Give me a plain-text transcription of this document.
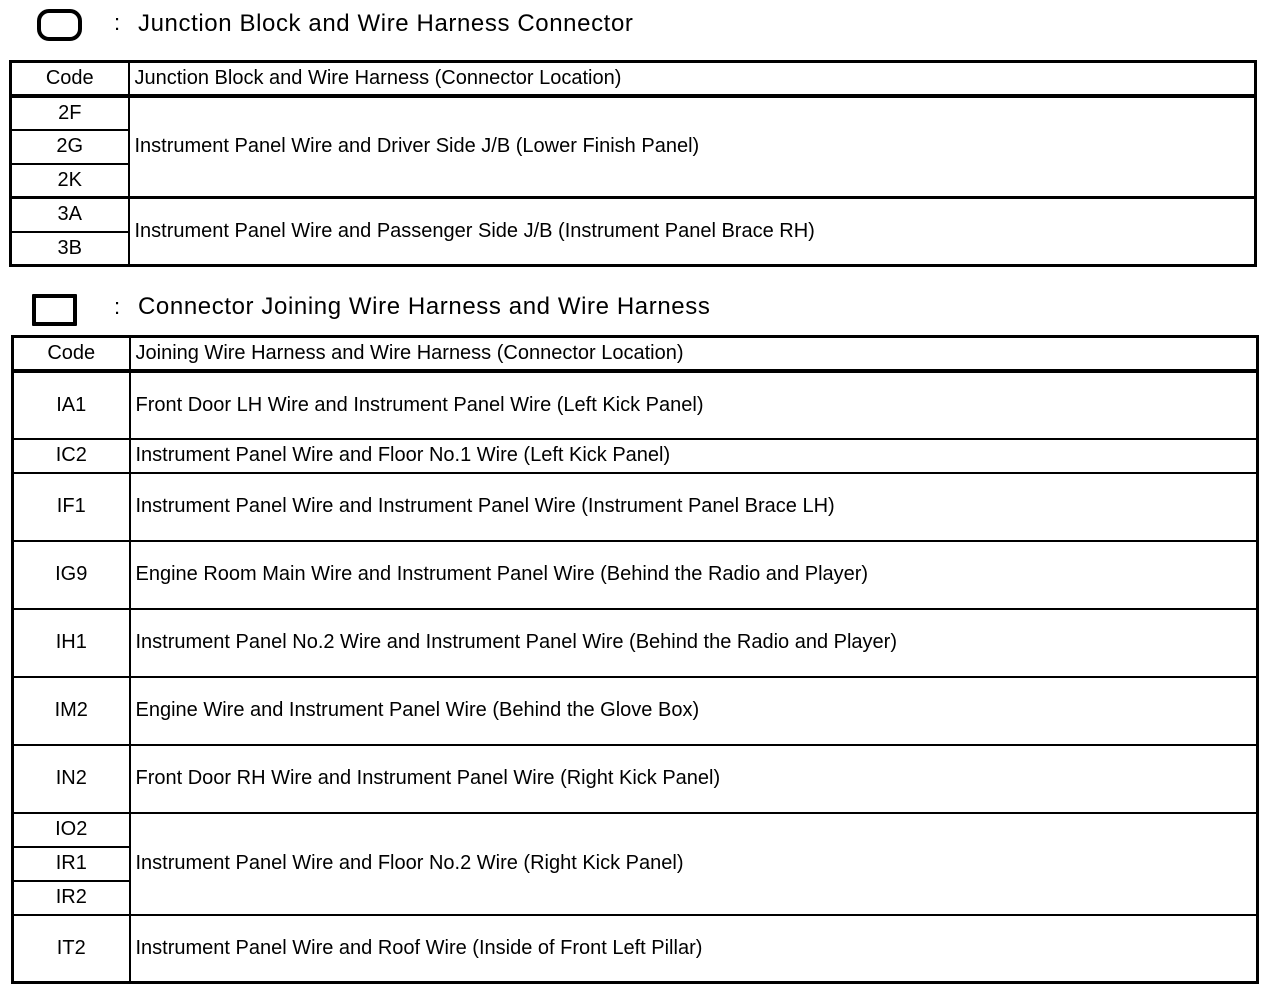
: Junction Block and Wire Harness Connector
Code	Junction Block and Wire Harness (Connector Location)
2F	Instrument Panel Wire and Driver Side J/B (Lower Finish Panel)
2G	
2K	
3A	Instrument Panel Wire and Passenger Side J/B (Instrument Panel Brace RH)
3B	
: Connector Joining Wire Harness and Wire Harness
Code	Joining Wire Harness and Wire Harness (Connector Location)
IA1	Front Door LH Wire and Instrument Panel Wire (Left Kick Panel)
IC2	Instrument Panel Wire and Floor No.1 Wire (Left Kick Panel)
IF1	Instrument Panel Wire and Instrument Panel Wire (Instrument Panel Brace LH)
IG9	Engine Room Main Wire and Instrument Panel Wire (Behind the Radio and Player)
IH1	Instrument Panel No.2 Wire and Instrument Panel Wire (Behind the Radio and Player)
IM2	Engine Wire and Instrument Panel Wire (Behind the Glove Box)
IN2	Front Door RH Wire and Instrument Panel Wire (Right Kick Panel)
IO2	Instrument Panel Wire and Floor No.2 Wire (Right Kick Panel)
IR1	
IR2	
IT2	Instrument Panel Wire and Roof Wire (Inside of Front Left Pillar)
